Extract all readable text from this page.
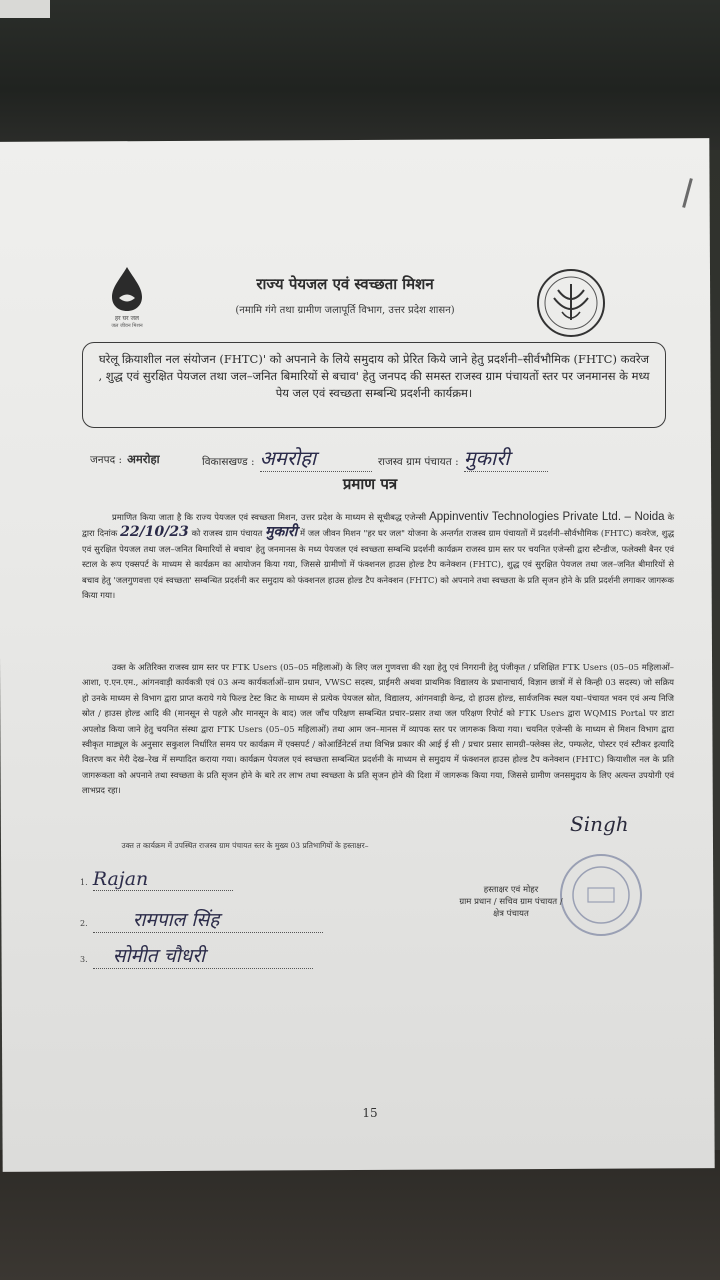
हर घर जल
जल जीवन मिशन
राज्य पेयजल एवं स्वच्छता मिशन
(नमामि गंगे तथा ग्रामीण जलापूर्ति विभाग, उत्तर प्रदेश शासन)
घरेलू क्रियाशील नल संयोजन (FHTC)' को अपनाने के लिये समुदाय को प्रेरित किये जाने हेतु प्रदर्शनी–सीर्वभौमिक (FHTC) कवरेज , शुद्ध एवं सुरक्षित पेयजल तथा जल–जनित बिमारियों से बचाव' हेतु जनपद की समस्त राजस्व ग्राम पंचायतों स्तर पर जनमानस के मध्य पेय जल एवं स्वच्छता सम्बन्धि प्रदर्शनी कार्यक्रम।
जनपद : अमरोहा	विकासखण्ड : अमरोहा	राजस्व ग्राम पंचायत : मुकारी
प्रमाण पत्र
प्रमाणित किया जाता है कि राज्य पेयजल एवं स्वच्छता मिशन, उत्तर प्रदेश के माध्यम से सूचीबद्ध एजेन्सी Appinventiv Technologies Private Ltd. – Noida के द्वारा दिनांक 22/10/23 को राजस्व ग्राम पंचायत मुकारी में जल जीवन मिशन "हर घर जल" योजना के अन्तर्गत राजस्व ग्राम पंचायतों में प्रदर्शनी–सौर्वभौमिक (FHTC) कवरेज, शुद्ध एवं सुरक्षित पेयजल तथा जल–जनित बिमारियों से बचाव' हेतु जनमानस के मध्य पेयजल एवं स्वच्छता सम्बन्धि प्रदर्शनी कार्यक्रम राजस्व ग्राम स्तर पर चयनित एजेन्सी द्वारा स्टैन्डीज, फलेक्सी बैनर एवं स्टाल के रूप एक्सपर्ट के माध्यम से कार्यक्रम का आयोजन किया गया, जिससे ग्रामीणों में फंक्शनल हाउस होल्ड टैप कनेक्शन (FHTC), शुद्ध एवं सुरक्षित पेयजल तथा जल–जनित बीमारियों से बचाव हेतु 'जलगुणवत्ता एवं स्वच्छता' सम्बन्धित प्रदर्शनी कर समुदाय को फंक्शनल हाउस होल्ड टैप कनेक्शन (FHTC) को अपनाने तथा स्वच्छता के प्रति सृजन होने के प्रति प्रदर्शनी लगाकर जागरूक किया गया।
उक्त के अतिरिक्त राजस्व ग्राम स्तर पर FTK Users (05–05 महिलाओं) के लिए जल गुणवत्ता की रक्षा हेतु एवं निगरानी हेतु पंजीकृत / प्रशिक्षित FTK Users (05–05 महिलाओं–आशा, ए.एन.एम., आंगनवाड़ी कार्यकत्री एवं 03 अन्य कार्यकर्ताओं–ग्राम प्रधान, VWSC सदस्य, प्राईमरी अथवा प्राथमिक विद्यालय के प्रधानाचार्य, विज्ञान छात्रों में से किन्ही 03 सदस्य) जो सक्रिय हो उनके माध्यम से विभाग द्वारा प्राप्त कराये गये फिल्ड टेस्ट किट के माध्यम से प्रत्येक पेयजल स्रोत, विद्यालय, आंगनवाड़ी केन्द्र, दो हाउस होल्ड, सार्वजनिक स्थल यथा–पंचायत भवन एवं अन्य निजि स्रोत / हाउस होल्ड आदि की (मानसून से पहले और मानसून के बाद) जल जाँच परिक्षण सम्बन्धित प्रचार–प्रसार तथा जल परिक्षण रिपोर्ट को FTK Users द्वारा WQMIS Portal पर डाटा अपलोड किया जाने हेतु चयनित संस्था द्वारा FTK Users (05–05 महिलाओं) तथा आम जन–मानस में व्यापक स्तर पर जागरूक किया गया। चयनित एजेन्सी के माध्यम से मिशन विभाग द्वारा स्वीकृत माड्यूल के अनुसार सकुशल निर्धारित समय पर कार्यक्रम में एक्सपर्ट / कोआर्डिनेटर्स तथा विभिन्न प्रकार की आई ई सी / प्रचार प्रसार सामग्री–फ्लेक्स लेट, पम्फलेट, पोस्टर एवं स्टीकर इत्यादि वितरण कर मेरी देख–रेख में सम्पादित कराया गया। कार्यक्रम पेयजल एवं स्वच्छता सम्बन्धित प्रदर्शनी के माध्यम से समुदाय में फंक्शनल हाउस होल्ड टैप कनेक्शन (FHTC) कियाशील नल के प्रति जागरूकता को अपनाने तथा स्वच्छता के प्रति सृजन होने के बारे तर लाभ तथा स्वच्छता के प्रति सृजन होने की दिशा में जागरूक किया गया, जिससे ग्रामीण जनसमुदाय के लिए अत्यन्त उपयोगी एवं लाभप्रद रहा।
उक्त त कार्यक्रम में उपस्थित राजस्व ग्राम पंचायत स्तर के मुख्य 03 प्रतिभागियों के हस्ताक्षर–
1. Rajan
2. रामपाल सिंह
3. सोमीत चौधरी
Singh
हस्ताक्षर एवं मोहर
ग्राम प्रधान / सचिव ग्राम पंचायत /
क्षेत्र पंचायत
15
